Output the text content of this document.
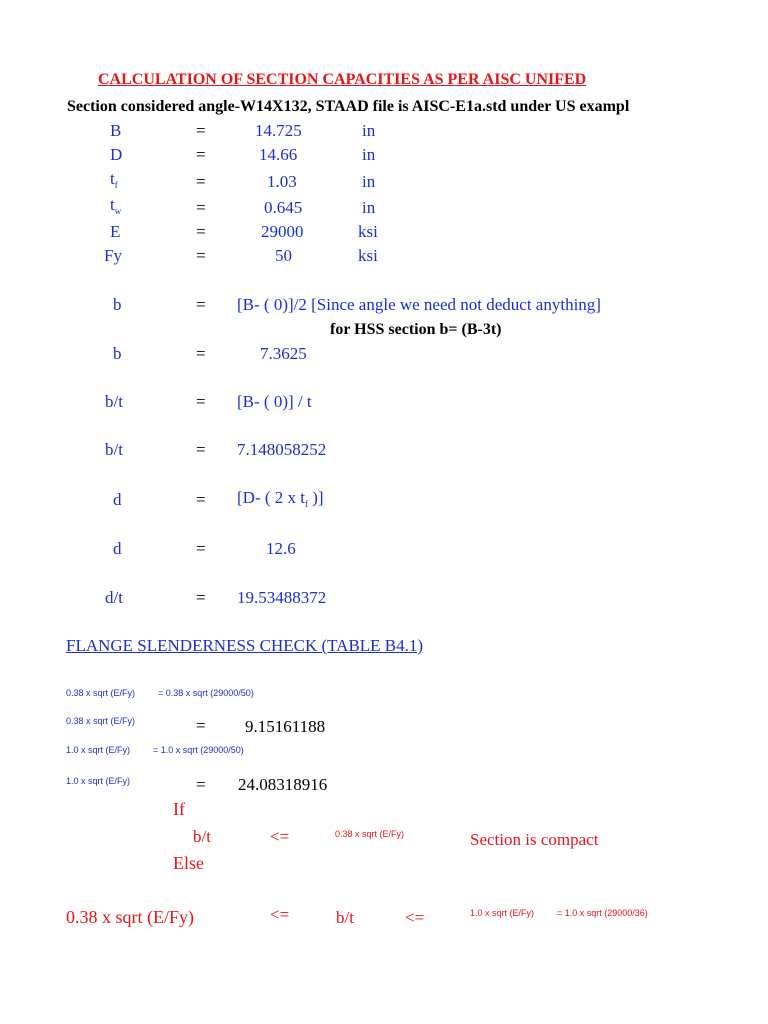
CALCULATION OF SECTION CAPACITIES AS PER AISC UNIFED
Section considered angle-W14X132, STAAD file is AISC-E1a.std under US exampl
B	=	14.725	in
D	=	14.66	in
$t_f$	=	1.03	in
$t_w$	=	0.645	in
E	=	29000	ksi
Fy	=	50	ksi
b	= [B- ( 0)]/2 [Since angle we need not deduct anything]
for HSS section b= (B-3t)
b	=	7.3625
b/t	= [B- ( 0)] / t
b/t	= 7.148058252
d	= [D- ( 2 x $t_f$ )]
d	=	12.6
d/t	= 19.53488372
FLANGE SLENDERNESS CHECK (TABLE B4.1)
0.38 x sqrt (E/Fy)	= 0.38 x sqrt (29000/50)
0.38 x sqrt (E/Fy)	= 9.15161188
1.0 x sqrt (E/Fy)	= 1.0 x sqrt (29000/50)
1.0 x sqrt (E/Fy)	= 24.08318916
If
b/t	<=	0.38 x sqrt (E/Fy)	Section is compact
Else
0.38 x sqrt (E/Fy)	<=	b/t	<=	1.0 x sqrt (E/Fy)	= 1.0 x sqrt (29000/36)
